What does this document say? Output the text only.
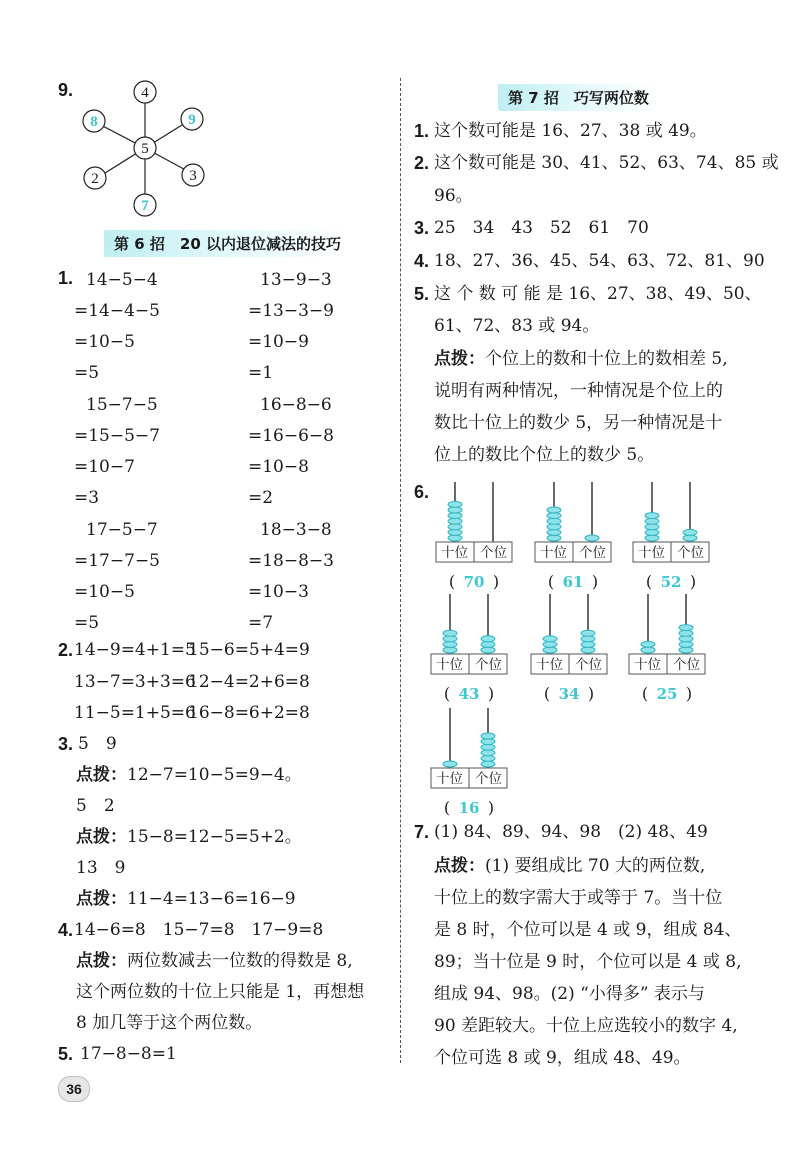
9.
5
4
9
3
7
2
8
第 6 招　20 以内退位减法的技巧
1. 14−5−4
=14−4−5
=10−5
=5
15−7−5
=15−5−7
=10−7
=3
17−5−7
=17−7−5
=10−5
=5
13−9−3
=13−3−9
=10−9
=1
16−8−6
=16−6−8
=10−8
=2
18−3−8
=18−8−3
=10−3
=7
2. 14−9=4+1=5
15−6=5+4=9
13−7=3+3=6
12−4=2+6=8
11−5=1+5=6
16−8=6+2=8
3. 5　9
点拨：12−7=10−5=9−4。
5　2
点拨：15−8=12−5=5+2。
13　9
点拨：11−4=13−6=16−9
4. 14−6=8　15−7=8　17−9=8
点拨：两位数减去一位数的得数是 8,
这个两位数的十位上只能是 1，再想想
8 加几等于这个两位数。
5. 17−8−8=1
36
第 7 招　巧写两位数
1. 这个数可能是 16、27、38 或 49。
2. 这个数可能是 30、41、52、63、74、85 或
96。
3. 25　34　43　52　61　70
4. 18、27、36、45、54、63、72、81、90
5. 这 个 数 可 能 是 16、27、38、49、50、
61、72、83 或 94。
点拨：个位上的数和十位上的数相差 5,
说明有两种情况，一种情况是个位上的
数比十位上的数少 5，另一种情况是十
位上的数比个位上的数少 5。
6.
十位 个位
( 70 )
十位 个位
( 61 )
十位 个位
( 52 )
十位 个位
( 43 )
十位 个位
( 34 )
十位 个位
( 25 )
十位 个位
( 16 )
7. (1) 84、89、94、98　(2) 48、49
点拨：(1) 要组成比 70 大的两位数,
十位上的数字需大于或等于 7。当十位
是 8 时，个位可以是 4 或 9，组成 84、
89；当十位是 9 时，个位可以是 4 或 8,
组成 94、98。(2) “小得多” 表示与
90 差距较大。十位上应选较小的数字 4,
个位可选 8 或 9，组成 48、49。
